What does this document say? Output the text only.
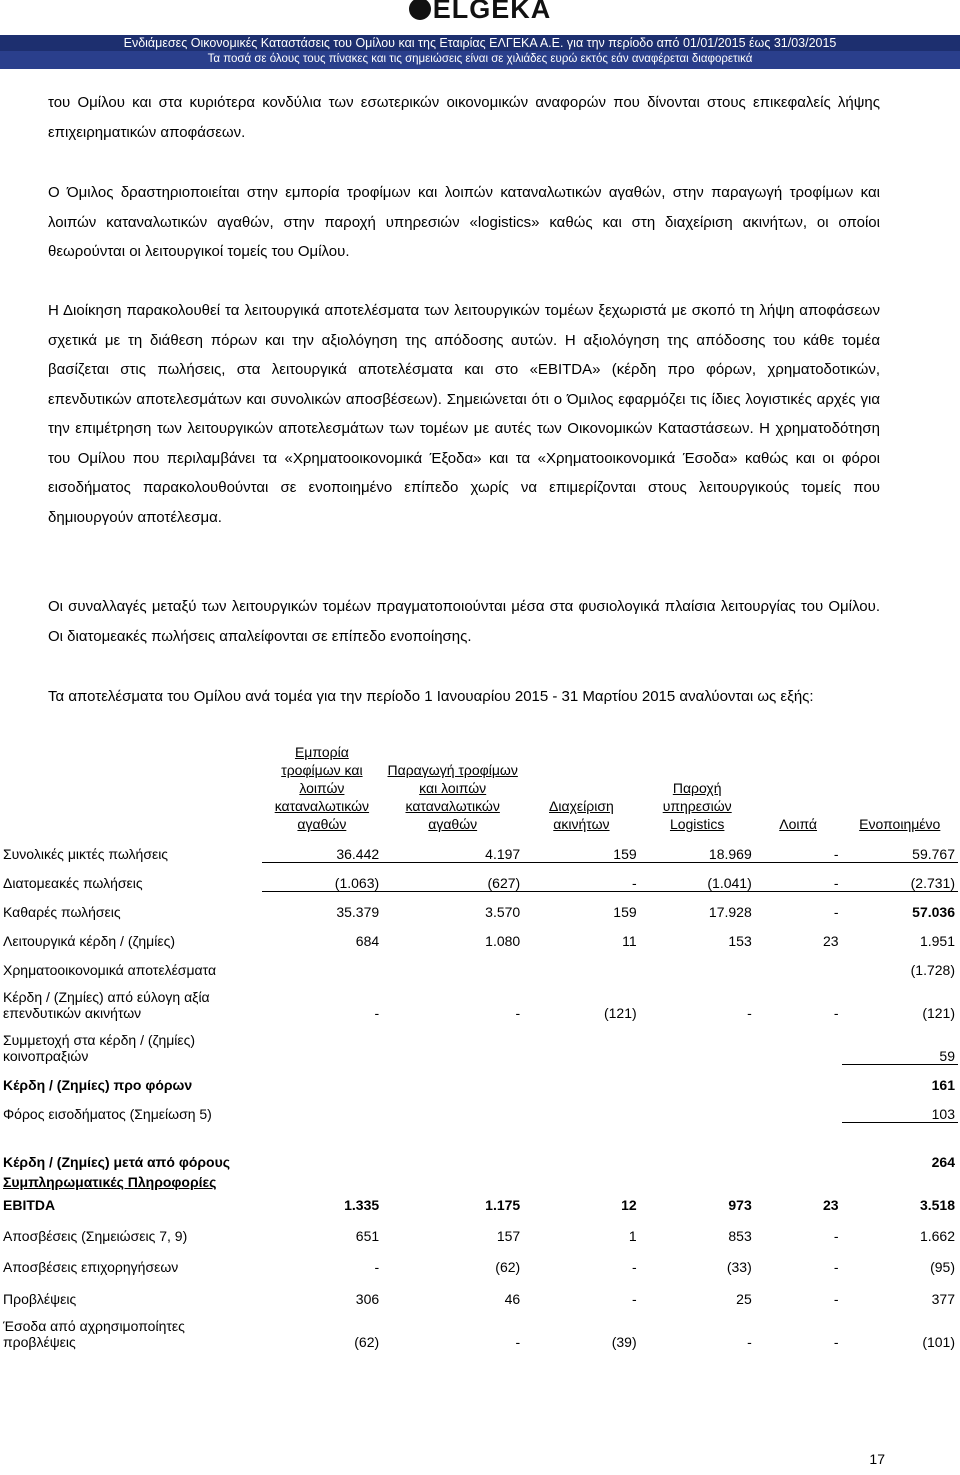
ELGEKA
Ενδιάμεσες Οικονομικές Καταστάσεις του Ομίλου και της Εταιρίας ΕΛΓΕΚΑ Α.Ε. για την περίοδο από 01/01/2015 έως 31/03/2015
Τα ποσά σε όλους τους πίνακες και τις σημειώσεις είναι σε χιλιάδες ευρώ εκτός εάν αναφέρεται διαφορετικά
του Ομίλου και στα κυριότερα κονδύλια των εσωτερικών οικονομικών αναφορών που δίνονται στους επικεφαλείς λήψης επιχειρηματικών αποφάσεων.
Ο Όμιλος δραστηριοποιείται στην εμπορία τροφίμων και λοιπών καταναλωτικών αγαθών, στην παραγωγή τροφίμων και λοιπών καταναλωτικών αγαθών, στην παροχή υπηρεσιών «logistics» καθώς και στη διαχείριση ακινήτων, οι οποίοι θεωρούνται οι λειτουργικοί τομείς του Ομίλου.
Η Διοίκηση παρακολουθεί τα λειτουργικά αποτελέσματα των λειτουργικών τομέων ξεχωριστά με σκοπό τη λήψη αποφάσεων σχετικά με τη διάθεση πόρων και την αξιολόγηση της απόδοσης αυτών. Η αξιολόγηση της απόδοσης του κάθε τομέα βασίζεται στις πωλήσεις, στα λειτουργικά αποτελέσματα και στο «EBITDA» (κέρδη προ φόρων, χρηματοδοτικών, επενδυτικών αποτελεσμάτων και συνολικών αποσβέσεων). Σημειώνεται ότι ο Όμιλος εφαρμόζει τις ίδιες λογιστικές αρχές για την επιμέτρηση των λειτουργικών αποτελεσμάτων των τομέων με αυτές των Οικονομικών Καταστάσεων. Η χρηματοδότηση του Ομίλου που περιλαμβάνει τα «Χρηματοοικονομικά Έξοδα» και τα «Χρηματοοικονομικά Έσοδα» καθώς και οι φόροι εισοδήματος παρακολουθούνται σε ενοποιημένο επίπεδο χωρίς να επιμερίζονται στους λειτουργικούς τομείς που δημιουργούν αποτέλεσμα.
Οι συναλλαγές μεταξύ των λειτουργικών τομέων πραγματοποιούνται μέσα στα φυσιολογικά πλαίσια λειτουργίας του Ομίλου. Οι διατομεακές πωλήσεις απαλείφονται σε επίπεδο ενοποίησης.
Τα αποτελέσματα του Ομίλου ανά τομέα για την περίοδο 1 Ιανουαρίου 2015 - 31 Μαρτίου 2015 αναλύονται ως εξής:
	Εμπορία τροφίμων και λοιπών καταναλωτικών αγαθών	Παραγωγή τροφίμων και λοιπών καταναλωτικών αγαθών	Διαχείριση ακινήτων	Παροχή υπηρεσιών Logistics	Λοιπά	Ενοποιημένο
Συνολικές μικτές πωλήσεις	36.442	4.197	159	18.969	-	59.767
Διατομεακές πωλήσεις	(1.063)	(627)	-	(1.041)	-	(2.731)
Καθαρές πωλήσεις	35.379	3.570	159	17.928	-	57.036
Λειτουργικά κέρδη / (ζημίες)	684	1.080	11	153	23	1.951
Χρηματοοικονομικά αποτελέσματα						(1.728)
Κέρδη / (Ζημίες) από εύλογη αξία επενδυτικών ακινήτων	-	-	(121)	-	-	(121)
Συμμετοχή στα κέρδη / (ζημίες) κοινοπραξιών						59
Κέρδη / (Ζημίες) προ φόρων						161
Φόρος εισοδήματος (Σημείωση 5)						103
Κέρδη / (Ζημίες) μετά από φόρους						264
Συμπληρωματικές Πληροφορίες						
EBITDA	1.335	1.175	12	973	23	3.518
Αποσβέσεις (Σημειώσεις 7, 9)	651	157	1	853	-	1.662
Αποσβέσεις επιχορηγήσεων	-	(62)	-	(33)	-	(95)
Προβλέψεις	306	46	-	25	-	377
Έσοδα από αχρησιμοποίητες προβλέψεις	(62)	-	(39)	-	-	(101)
17
